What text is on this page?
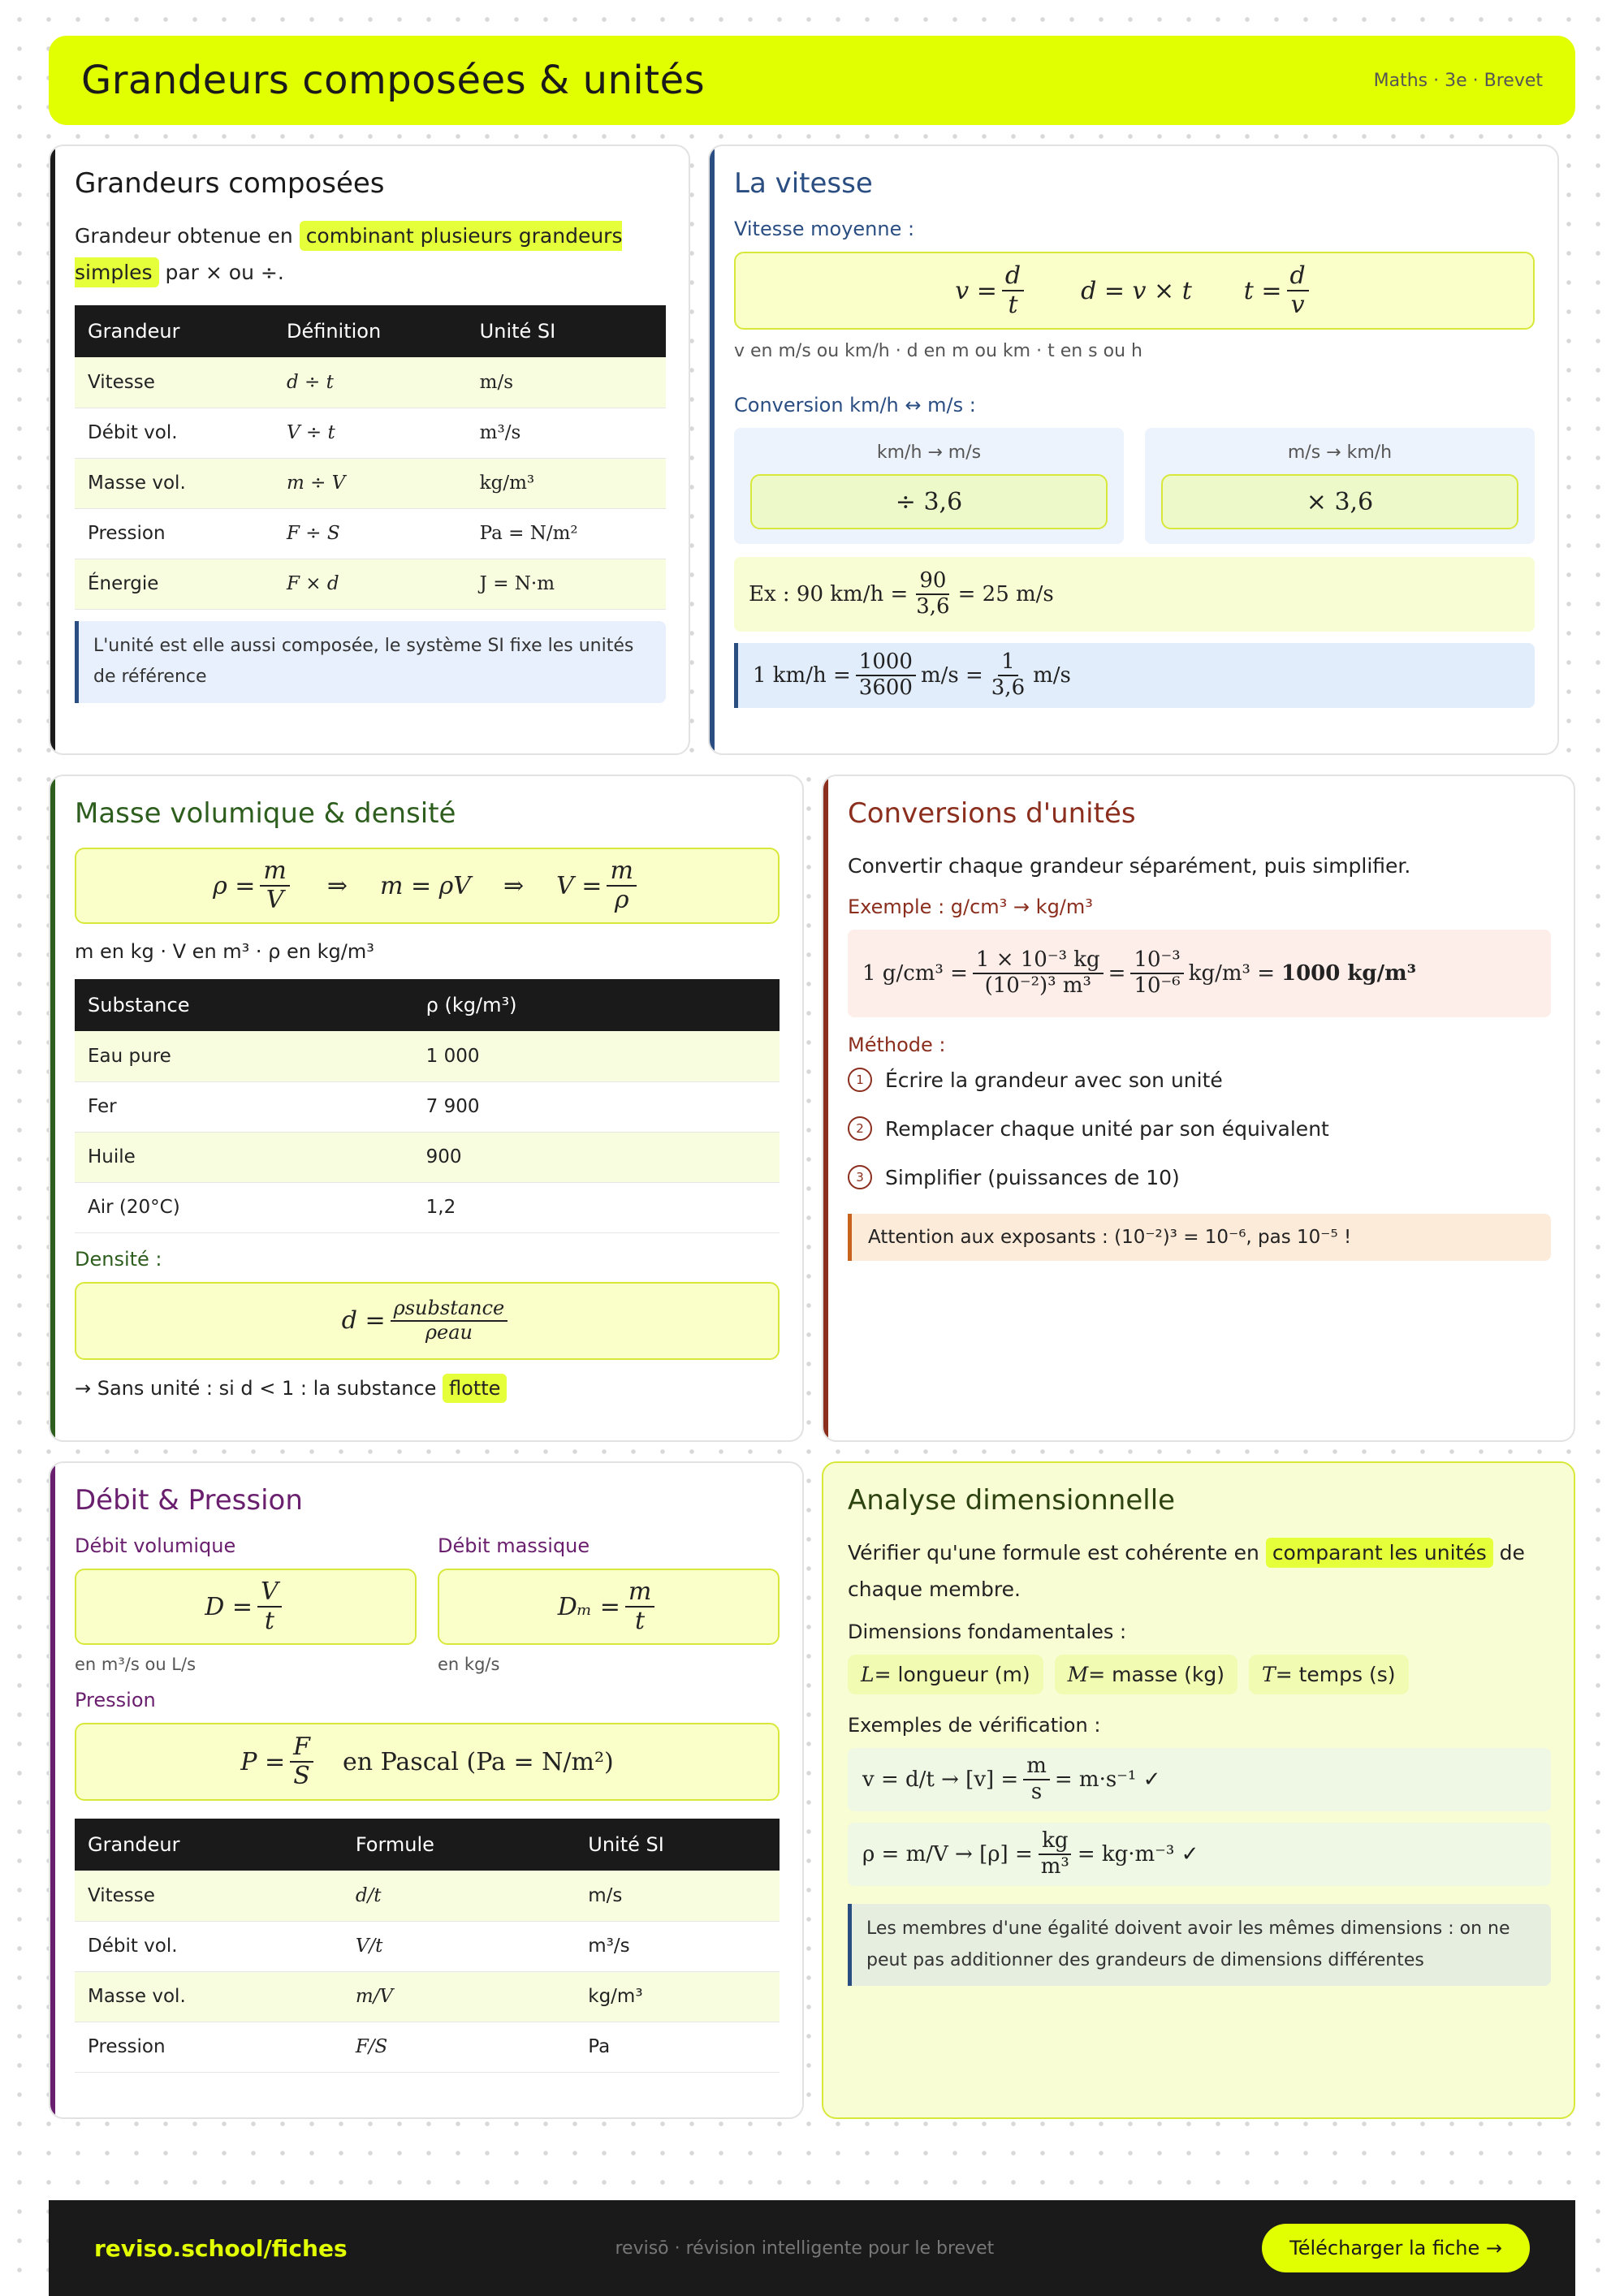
Grandeurs composées & unités	Maths · 3e · Brevet
Grandeurs composées
Grandeur obtenue en combinant plusieurs grandeurs simples par × ou ÷.
Grandeur	Définition	Unité SI
Vitesse	d ÷ t	m/s
Débit vol.	V ÷ t	m³/s
Masse vol.	m ÷ V	kg/m³
Pression	F ÷ S	Pa = N/m²
Énergie	F × d	J = N·m
L'unité est elle aussi composée, le système SI fixe les unités de référence
La vitesse
Vitesse moyenne :
$v = \frac{d}{t}$ d = v × t $t = \frac{d}{v}$
v en m/s ou km/h · d en m ou km · t en s ou h
Conversion km/h ↔ m/s :
km/h → m/s
÷ 3,6
m/s → km/h
× 3,6
Ex : 90 $km/h = \frac{90}{3,6} = 25$ m/s
1 $km/h = \frac{1000}{3600} m/s = \frac{1}{3,6} m/s$
Masse volumique & densité
$\rho = \frac{m}{V}$ ⇒ m = ρV ⇒ $V = \frac{m}{\rho}$
m en kg · V en m³ · ρ en kg/m³
Substance	ρ (kg/m³)
Eau pure	1 000
Fer	7 900
Huile	900
Air (20°C)	1,2
Densité :
d = ρsubstance
ρeau
→ Sans unité : si d < 1 : la substance flotte
Conversions d'unités
Convertir chaque grandeur séparément, puis simplifier.
Exemple : g/cm³ → kg/m³
1 $g/cm^3 = \frac{\text{1 × 10⁻³ kg}}{\text{(10⁻²)³ m³}} = \frac{\text{10⁻³}}{\text{10⁻⁶}} kg/m^3 = 1000$ kg/m³
Méthode :
1	Écrire la grandeur avec son unité
2	Remplacer chaque unité par son équivalent
3	Simplifier (puissances de 10)
Attention aux exposants : (10⁻²)³ = 10⁻⁶, pas 10⁻⁵ !
Débit & Pression
Débit volumique
$D = \frac{V}{t}$
en m³/s ou L/s
Débit massique
$D_m = \frac{m}{t}$
en kg/s
Pression
$P = \frac{F}{S}$ en Pascal (Pa = N/m²)
Grandeur	Formule	Unité SI
Vitesse	d/t	m/s
Débit vol.	V/t	m³/s
Masse vol.	m/V	kg/m³
Pression	F/S	Pa
Analyse dimensionnelle
Vérifier qu'une formule est cohérente en comparant les unités de chaque membre.
Dimensions fondamentales :
L = longueur (m) M = masse (kg) T = temps (s)
Exemples de vérification :
$v = d/t \to [v] = \frac{m}{s} = m\cdot s^{-1}$ ✓
$\rho = m/V \to [\rho] = \frac{kg}{\text{m³}} = kg\cdot m^{-3}$ ✓
Les membres d'une égalité doivent avoir les mêmes dimensions : on ne peut pas additionner des grandeurs de dimensions différentes
reviso.school/fiches	revisō · révision intelligente pour le brevet	Télécharger la fiche →
